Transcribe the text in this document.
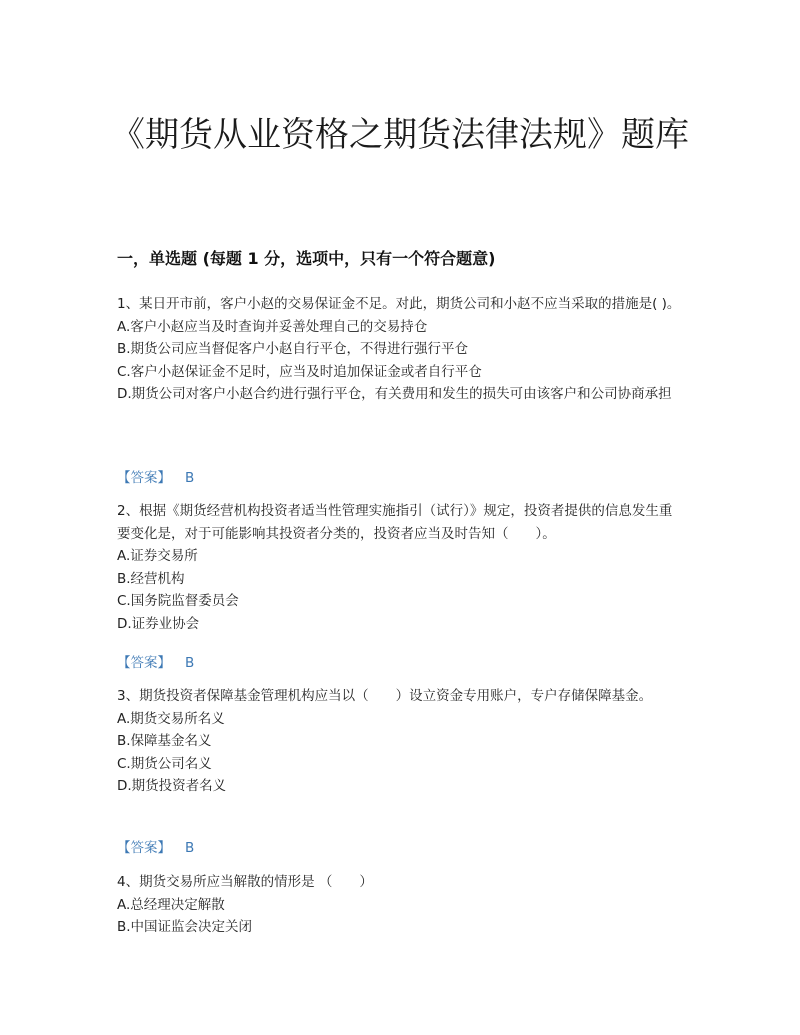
《期货从业资格之期货法律法规》题库
一，单选题 (每题 1 分，选项中，只有一个符合题意)

1、某日开市前，客户小赵的交易保证金不足。对此，期货公司和小赵不应当采取的措施是( )。

A.客户小赵应当及时查询并妥善处理自己的交易持仓

B.期货公司应当督促客户小赵自行平仓，不得进行强行平仓

C.客户小赵保证金不足时，应当及时追加保证金或者自行平仓

D.期货公司对客户小赵合约进行强行平仓，有关费用和发生的损失可由该客户和公司协商承担

【答案】 B

2、根据《期货经营机构投资者适当性管理实施指引（试行）》规定，投资者提供的信息发生重要变化是，对于可能影响其投资者分类的，投资者应当及时告知（　　）。

A.证券交易所

B.经营机构

C.国务院监督委员会

D.证券业协会

【答案】 B

3、期货投资者保障基金管理机构应当以（　　）设立资金专用账户，专户存储保障基金。

A.期货交易所名义

B.保障基金名义

C.期货公司名义

D.期货投资者名义

【答案】 B

4、期货交易所应当解散的情形是 （　　）

A.总经理决定解散

B.中国证监会决定关闭
